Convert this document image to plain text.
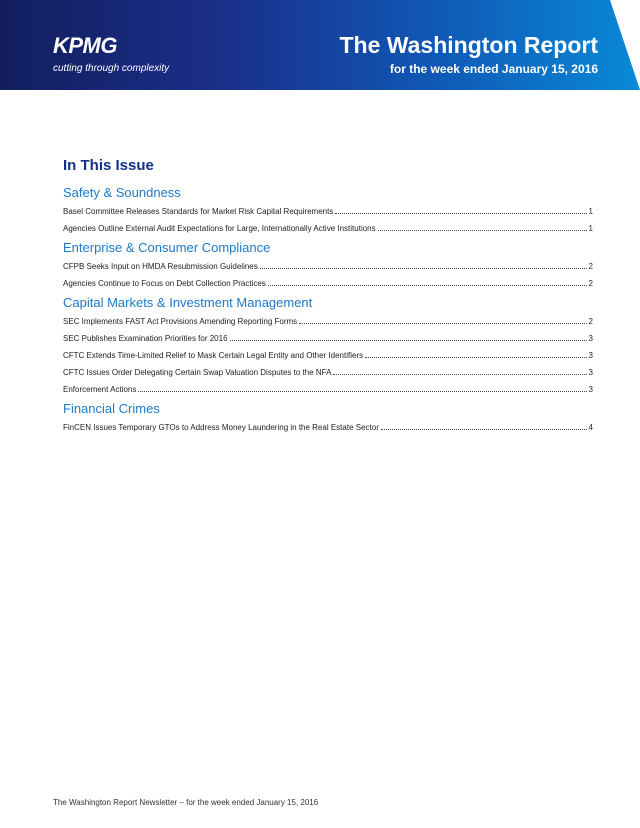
KPMG
cutting through complexity
The Washington Report
for the week ended January 15, 2016
In This Issue
Safety & Soundness
Basel Committee Releases Standards for Market Risk Capital Requirements	1
Agencies Outline External Audit Expectations for Large, Internationally Active Institutions	1
Enterprise & Consumer Compliance
CFPB Seeks Input on HMDA Resubmission Guidelines	2
Agencies Continue to Focus on Debt Collection Practices	2
Capital Markets & Investment Management
SEC Implements FAST Act Provisions Amending Reporting Forms	2
SEC Publishes Examination Priorities for 2016	3
CFTC Extends Time-Limited Relief to Mask Certain Legal Entity and Other Identifiers	3
CFTC Issues Order Delegating Certain Swap Valuation Disputes to the NFA	3
Enforcement Actions	3
Financial Crimes
FinCEN Issues Temporary GTOs to Address Money Laundering in the Real Estate Sector	4
The Washington Report Newsletter – for the week ended January 15, 2016
